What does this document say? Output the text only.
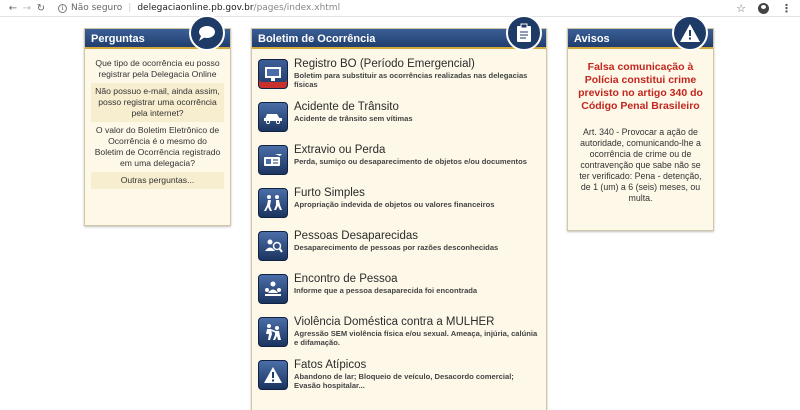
← → ↻	i Não seguro | delegaciaonline.pb.gov.br /pages/index.xhtml	☆	⋮
Perguntas
Que tipo de ocorrência eu posso registrar pela Delegacia Online
Não possuo e-mail, ainda assim, posso registrar uma ocorrência pela internet?
O valor do Boletim Eletrônico de Ocorrência é o mesmo do Boletim de Ocorrência registrado em uma delegacia?
Outras perguntas...
Boletim de Ocorrência
Registro BO (Período Emergencial)
Boletim para substituir as ocorrências realizadas nas delegacias físicas
Acidente de Trânsito
Acidente de trânsito sem vítimas
Extravio ou Perda
Perda, sumiço ou desaparecimento de objetos e/ou documentos
Furto Simples
Apropriação indevida de objetos ou valores financeiros
Pessoas Desaparecidas
Desaparecimento de pessoas por razões desconhecidas
Encontro de Pessoa
Informe que a pessoa desaparecida foi encontrada
Violência Doméstica contra a MULHER
Agressão SEM violência física e/ou sexual. Ameaça, injúria, calúnia e difamação.
Fatos Atípicos
Abandono de lar; Bloqueio de veículo, Desacordo comercial; Evasão hospitalar...
Avisos
Falsa comunicação à Polícia constitui crime previsto no artigo 340 do Código Penal Brasileiro
Art. 340 - Provocar a ação de autoridade, comunicando-lhe a ocorrência de crime ou de contravenção que sabe não se ter verificado: Pena - detenção, de 1 (um) a 6 (seis) meses, ou multa.
